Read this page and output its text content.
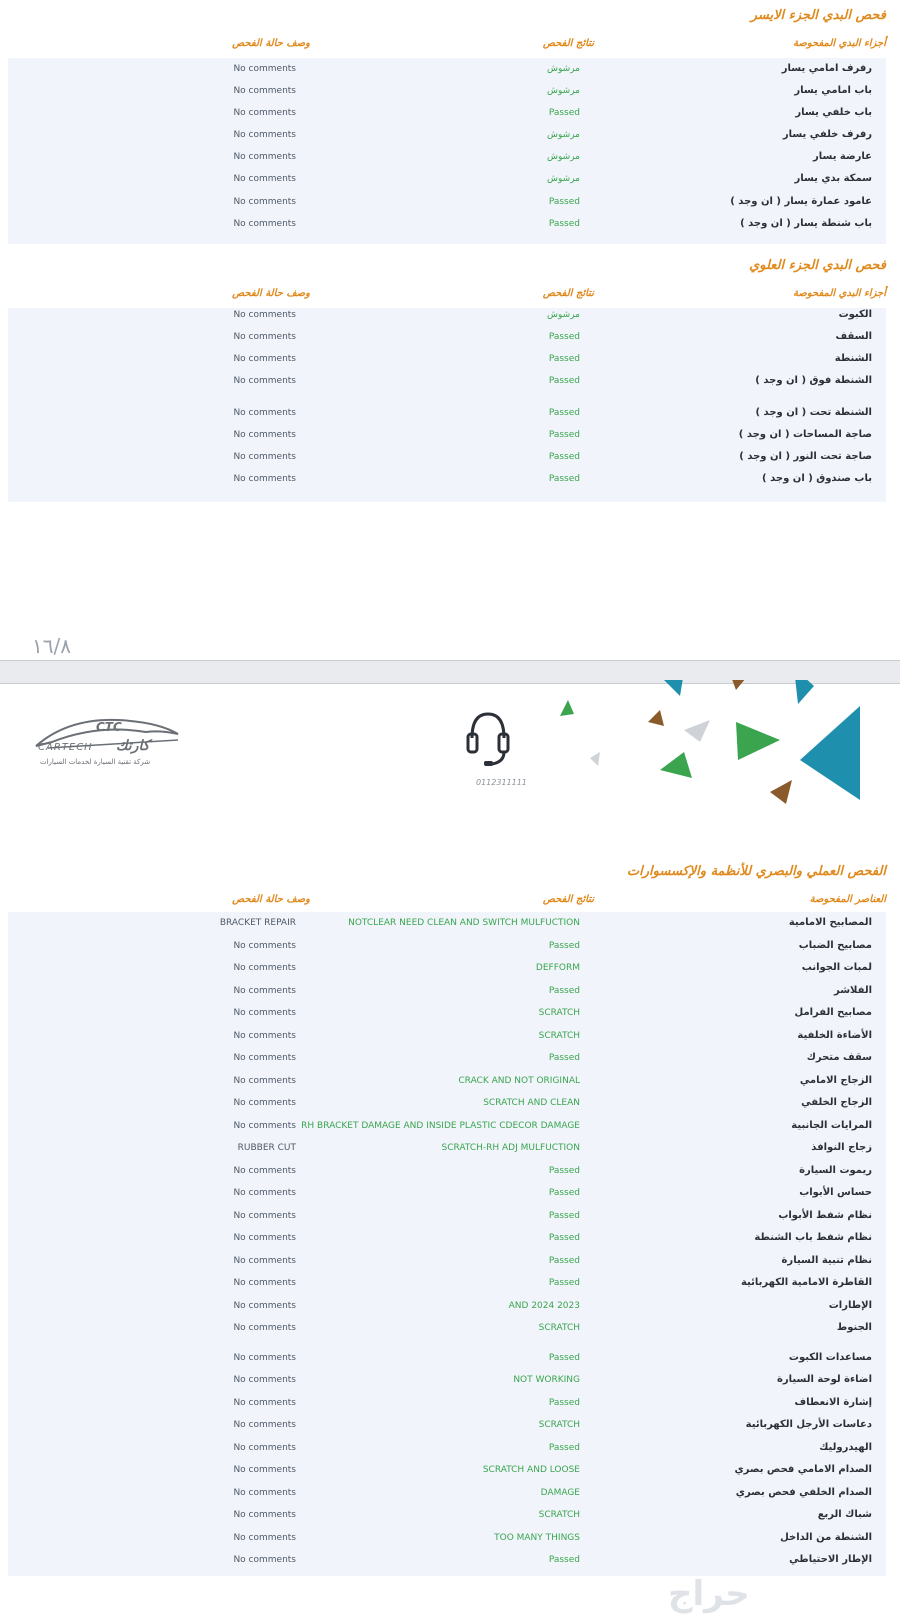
فحص البدي الجزء الايسر
أجزاء البدي المفحوصة
نتائج الفحص
وصف حالة الفحص
رفرف امامي يسار
مرشوش
No comments
باب امامي يسار
مرشوش
No comments
باب خلفي يسار
Passed
No comments
رفرف خلفي يسار
مرشوش
No comments
عارضة يسار
مرشوش
No comments
سمكة بدي يسار
مرشوش
No comments
عامود عمارة يسار ( ان وجد )
Passed
No comments
باب شنطة يسار ( ان وجد )
Passed
No comments
فحص البدي الجزء العلوي
أجزاء البدي المفحوصة
نتائج الفحص
وصف حالة الفحص
الكبوت
مرشوش
No comments
السقف
Passed
No comments
الشنطة
Passed
No comments
الشنطة فوق ( ان وجد )
Passed
No comments
الشنطة تحت ( ان وجد )
Passed
No comments
صاجة المساحات ( ان وجد )
Passed
No comments
صاجة تحت النور ( ان وجد )
Passed
No comments
باب صندوق ( ان وجد )
Passed
No comments
١٦/٨
CTC
CARTECH كارتك
شركة تقنية السيارة لخدمات السيارات
0112311111
الفحص العملي والبصري للأنظمة والإكسسوارات
العناصر المفحوصة
نتائج الفحص
وصف حالة الفحص
المصابيح الامامية
NOTCLEAR NEED CLEAN AND SWITCH MULFUCTION
BRACKET REPAIR
مصابيح الضباب
Passed
No comments
لمبات الجوانب
DEFFORM
No comments
الفلاشر
Passed
No comments
مصابيح الفرامل
SCRATCH
No comments
الأضاءة الخلفية
SCRATCH
No comments
سقف متحرك
Passed
No comments
الزجاج الامامي
CRACK AND NOT ORIGINAL
No comments
الزجاج الخلفي
SCRATCH AND CLEAN
No comments
المرايات الجانبية
RH BRACKET DAMAGE AND INSIDE PLASTIC CDECOR DAMAGE
No comments
زجاج النوافذ
SCRATCH-RH ADJ MULFUCTION
RUBBER CUT
ريموت السيارة
Passed
No comments
حساس الأبواب
Passed
No comments
نظام شفط الأبواب
Passed
No comments
نظام شفط باب الشنطة
Passed
No comments
نظام تنبية السيارة
Passed
No comments
القاطرة الامامية الكهربائية
Passed
No comments
الإطارات
AND 2024 2023
No comments
الجنوط
SCRATCH
No comments
مساعدات الكبوت
Passed
No comments
اضاءة لوحة السيارة
NOT WORKING
No comments
إشارة الانعطاف
Passed
No comments
دعاسات الأرجل الكهربائية
SCRATCH
No comments
الهيدروليك
Passed
No comments
الصدام الامامي فحص بصري
SCRATCH AND LOOSE
No comments
الصدام الخلفي فحص بصري
DAMAGE
No comments
شباك الربع
SCRATCH
No comments
الشنطة من الداخل
TOO MANY THINGS
No comments
الإطار الاحتياطي
Passed
No comments
حراج
